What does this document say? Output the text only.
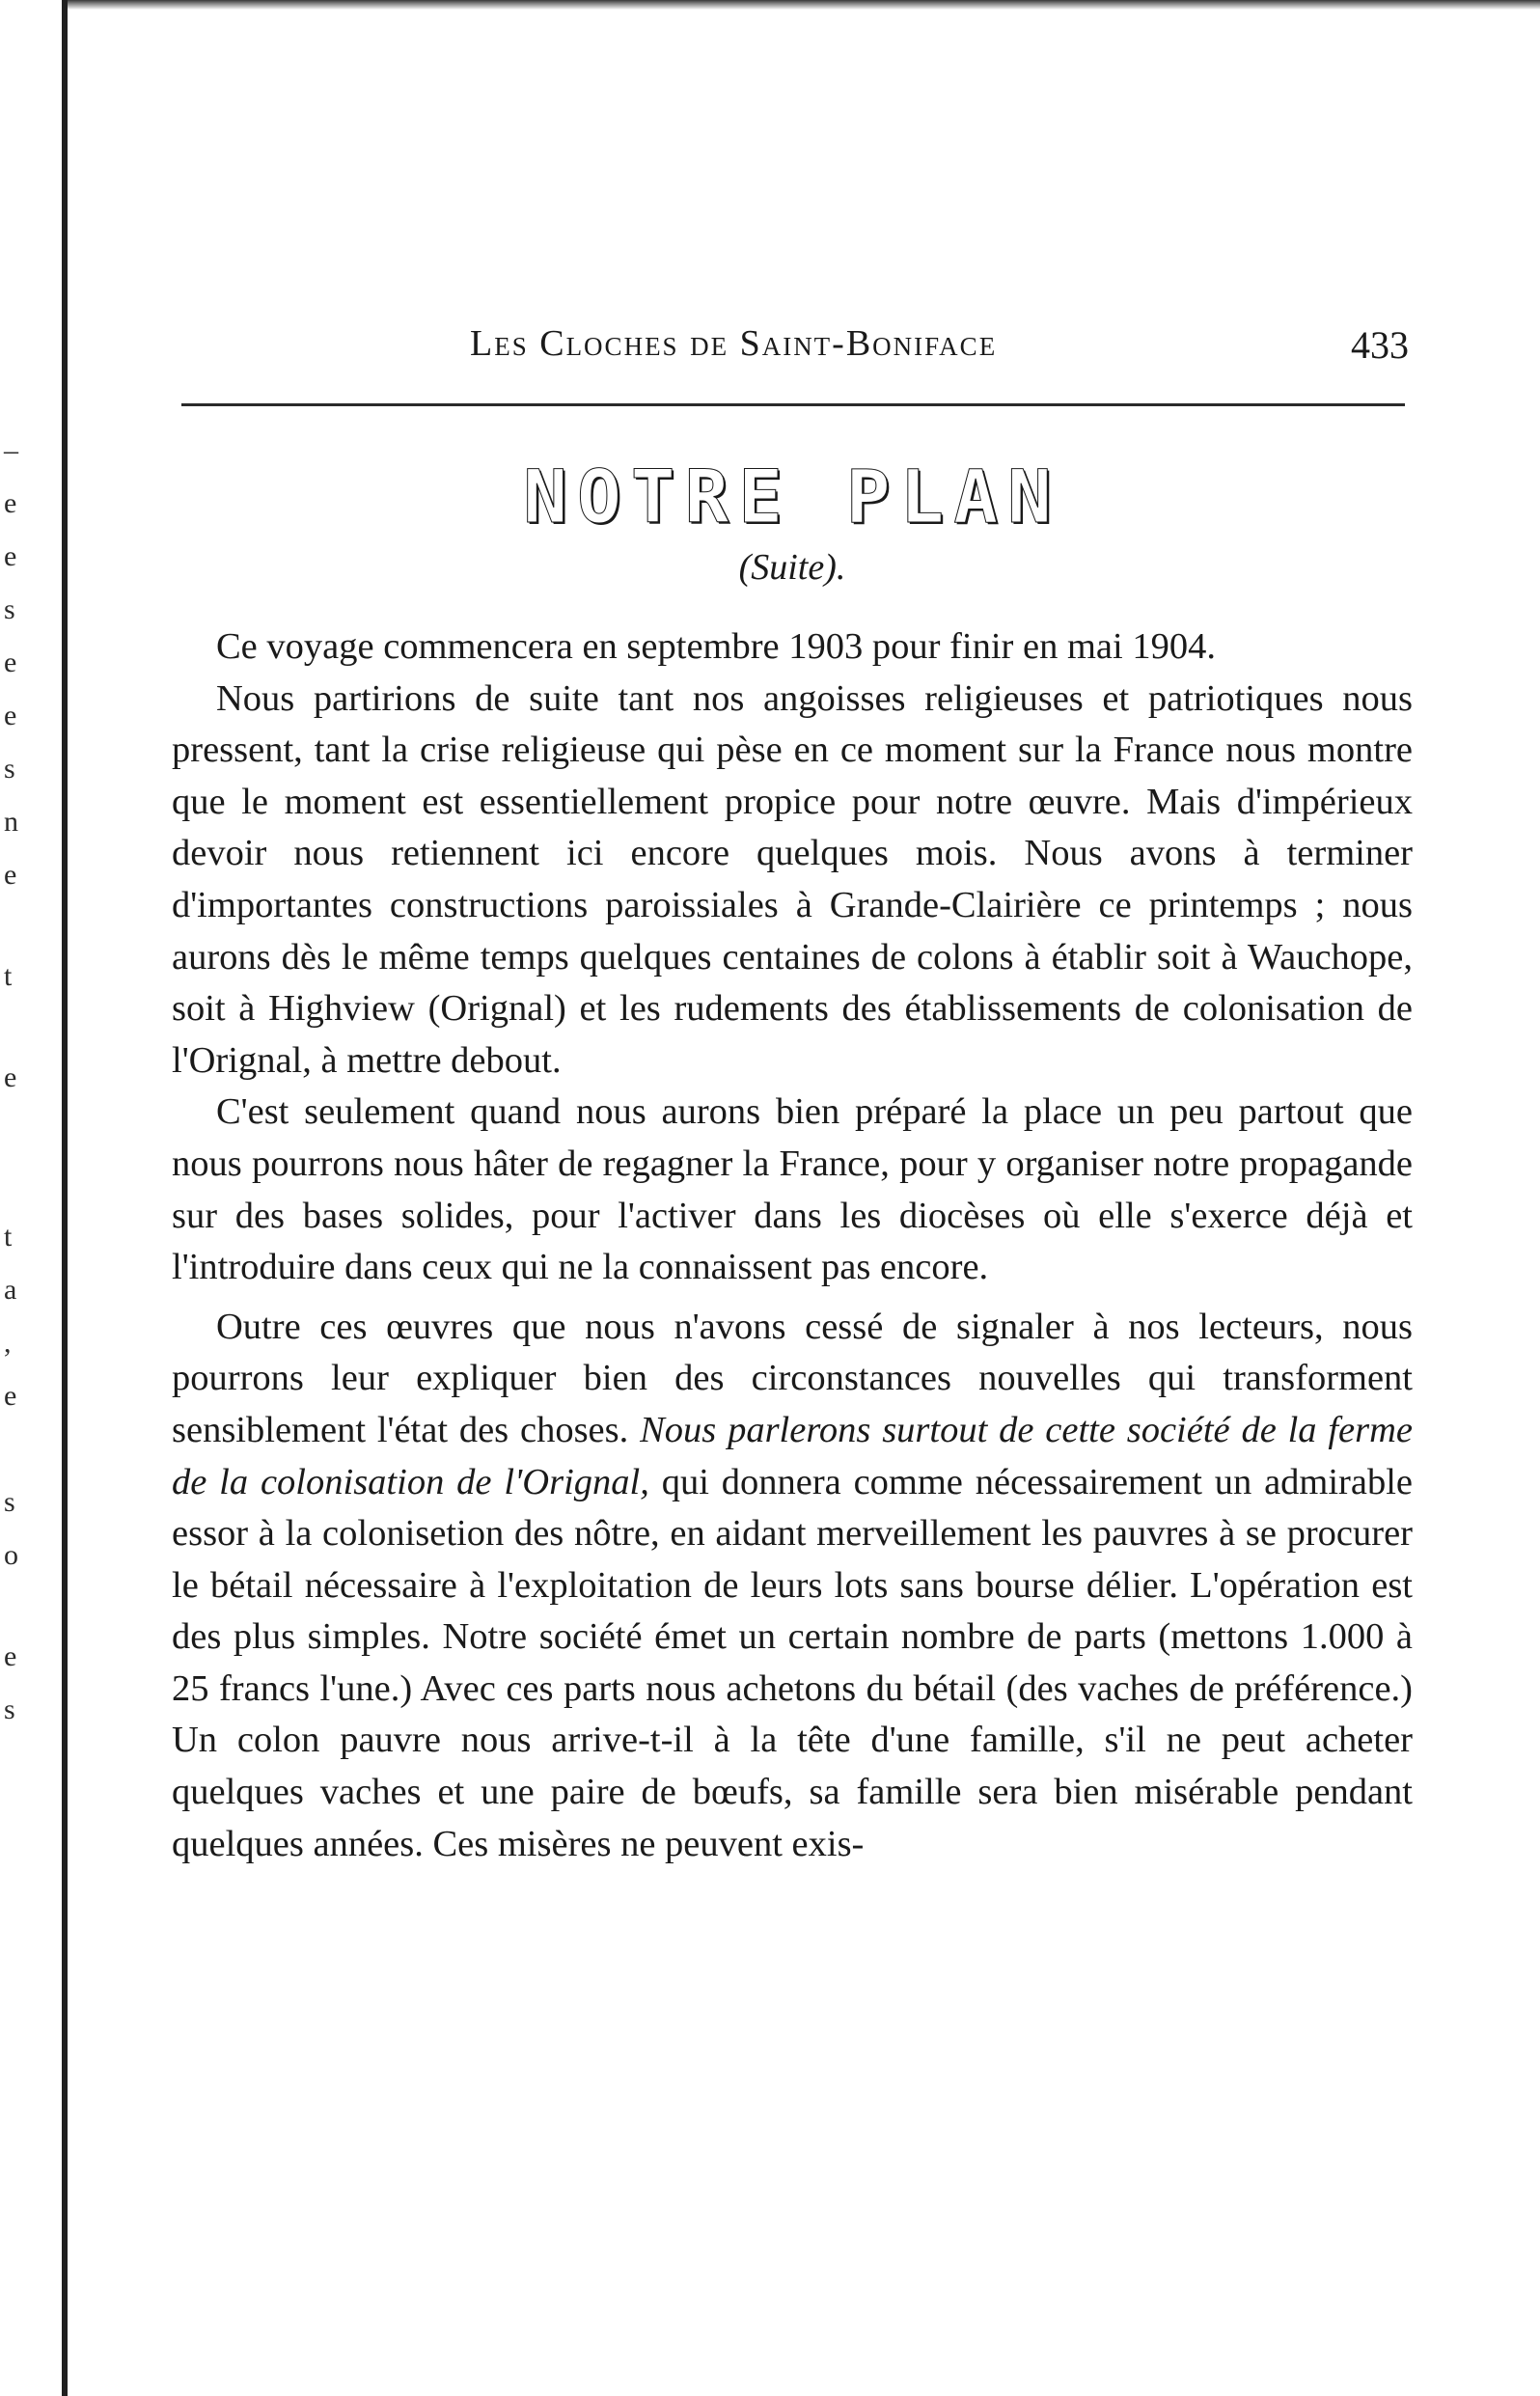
–
e
e
s
e
e
s
n
e
t
e
t
a
,
e
s
o
e
s
Les Cloches de Saint-Boniface	433
NOTRE PLAN
(Suite).

Ce voyage commencera en septembre 1903 pour finir en mai 1904.

Nous partirions de suite tant nos angoisses religieuses et patriotiques nous pressent, tant la crise religieuse qui pèse en ce moment sur la France nous montre que le moment est essentiellement propice pour notre œuvre. Mais d'impérieux devoir nous retiennent ici encore quelques mois. Nous avons à terminer d'importantes constructions paroissiales à Grande-Clairière ce printemps ; nous aurons dès le même temps quelques centaines de colons à établir soit à Wauchope, soit à Highview (Orignal) et les rudements des établissements de colonisation de l'Orignal, à mettre debout.

C'est seulement quand nous aurons bien préparé la place un peu partout que nous pourrons nous hâter de regagner la France, pour y organiser notre propagande sur des bases solides, pour l'activer dans les diocèses où elle s'exerce déjà et l'introduire dans ceux qui ne la connaissent pas encore.

Outre ces œuvres que nous n'avons cessé de signaler à nos lecteurs, nous pourrons leur expliquer bien des circonstances nouvelles qui transforment sensiblement l'état des choses. Nous parlerons surtout de cette société de la ferme de la colonisation de l'Orignal, qui donnera comme nécessairement un admirable essor à la colonisetion des nôtre, en aidant merveillement les pauvres à se procurer le bétail nécessaire à l'exploitation de leurs lots sans bourse délier. L'opération est des plus simples. Notre société émet un certain nombre de parts (mettons 1.000 à 25 francs l'une.) Avec ces parts nous achetons du bétail (des vaches de préférence.) Un colon pauvre nous arrive-t-il à la tête d'une famille, s'il ne peut acheter quelques vaches et une paire de bœufs, sa famille sera bien misérable pendant quelques années. Ces misères ne peuvent exis-
